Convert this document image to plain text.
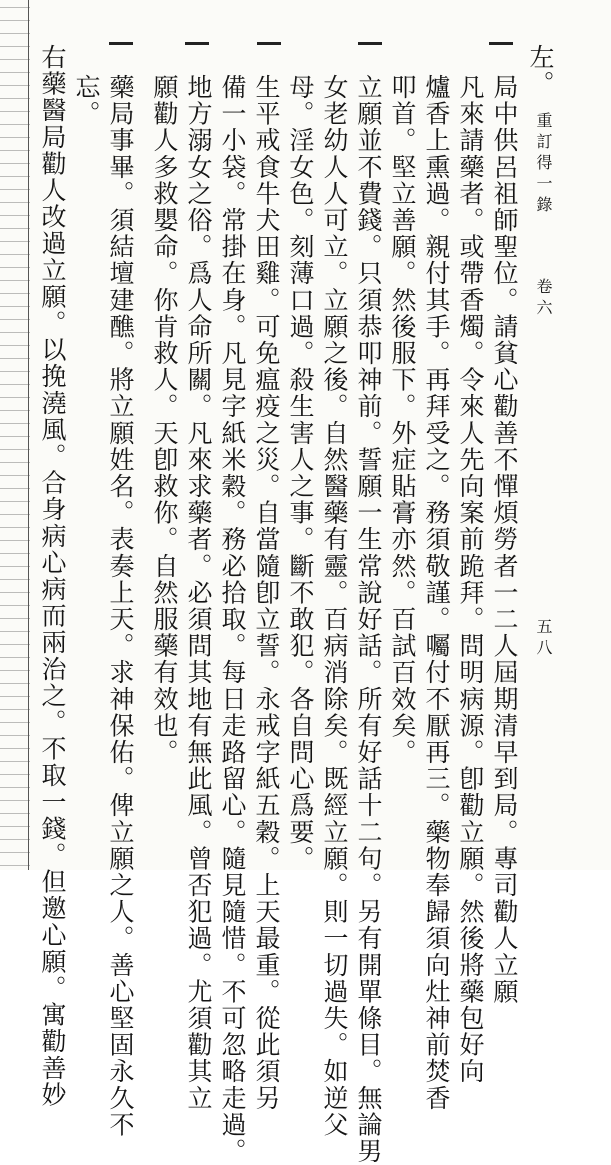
重訂得一錄
卷六
五八
左。
局中供呂祖師聖位。請貧心勸善不憚煩勞者一二人屆期清早到局。專司勸人立願
凡來請藥者。或帶香燭。令來人先向案前跪拜。問明病源。卽勸立願。然後將藥包好向
爐香上熏過。親付其手。再拜受之。務須敬謹。囑付不厭再三。藥物奉歸須向灶神前焚香
叩首。堅立善願。然後服下。外症貼膏亦然。百試百效矣。
立願並不費錢。只須恭叩神前。誓願一生常說好話。所有好話十二句。另有開單條目。無論男
女老幼人人可立。立願之後。自然醫藥有靈。百病消除矣。既經立願。則一切過失。如逆父
母。淫女色。刻薄口過。殺生害人之事。斷不敢犯。各自問心爲要。
生平戒食牛犬田雞。可免瘟疫之災。自當隨卽立誓。永戒字紙五穀。上天最重。從此須另
備一小袋。常掛在身。凡見字紙米穀。務必拾取。每日走路留心。隨見隨惜。不可忽略走過。
地方溺女之俗。爲人命所關。凡來求藥者。必須問其地有無此風。曾否犯過。尤須勸其立
願勸人多救嬰命。你肯救人。天卽救你。自然服藥有效也。
藥局事畢。須結壇建醮。將立願姓名。表奏上天。求神保佑。俾立願之人。善心堅固永久不
忘。
右藥醫局勸人改過立願。以挽澆風。合身病心病而兩治之。不取一錢。但邀心願。寓勸善妙
